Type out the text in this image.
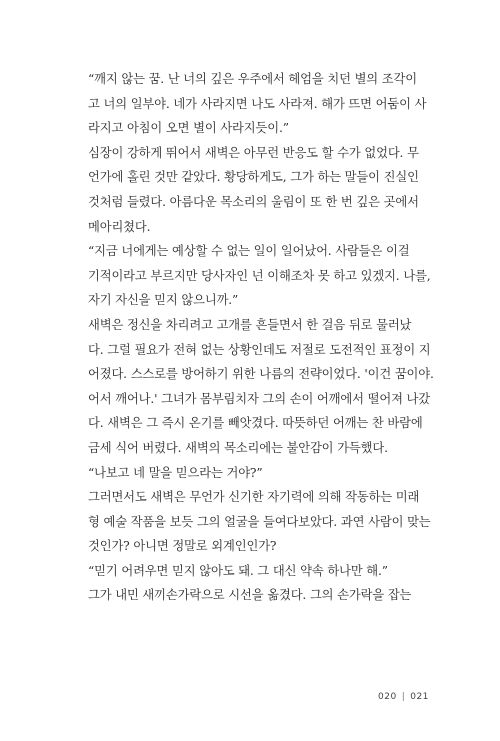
“깨지 않는 꿈. 난 너의 깊은 우주에서 헤엄을 치던 별의 조각이
고 너의 일부야. 네가 사라지면 나도 사라져. 해가 뜨면 어둠이 사
라지고 아침이 오면 별이 사라지듯이.”
심장이 강하게 뛰어서 새벽은 아무런 반응도 할 수가 없었다. 무
언가에 홀린 것만 같았다. 황당하게도, 그가 하는 말들이 진실인
것처럼 들렸다. 아름다운 목소리의 울림이 또 한 번 깊은 곳에서
메아리쳤다.
“지금 너에게는 예상할 수 없는 일이 일어났어. 사람들은 이걸
기적이라고 부르지만 당사자인 넌 이해조차 못 하고 있겠지. 나를,
자기 자신을 믿지 않으니까.”
새벽은 정신을 차리려고 고개를 흔들면서 한 걸음 뒤로 물러났
다. 그럴 필요가 전혀 없는 상황인데도 저절로 도전적인 표정이 지
어졌다. 스스로를 방어하기 위한 나름의 전략이었다. '이건 꿈이야.
어서 깨어나.' 그녀가 몸부림치자 그의 손이 어깨에서 떨어져 나갔
다. 새벽은 그 즉시 온기를 빼앗겼다. 따뜻하던 어깨는 찬 바람에
금세 식어 버렸다. 새벽의 목소리에는 불안감이 가득했다.
“나보고 네 말을 믿으라는 거야?”
그러면서도 새벽은 무언가 신기한 자기력에 의해 작동하는 미래
형 예술 작품을 보듯 그의 얼굴을 들여다보았다. 과연 사람이 맞는
것인가? 아니면 정말로 외계인인가?
“믿기 어려우면 믿지 않아도 돼. 그 대신 약속 하나만 해.”
그가 내민 새끼손가락으로 시선을 옮겼다. 그의 손가락을 잡는
020 | 021
